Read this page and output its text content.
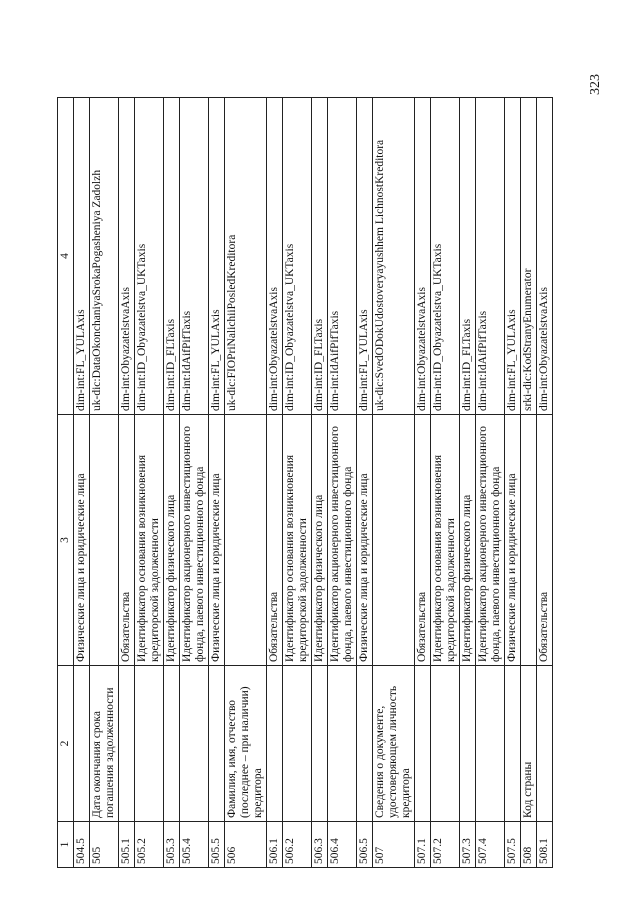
323
1	2	3	4
504.5		Физические лица и юридические лица	dim-int:FL_YULAxis
505	Дата окончания срока погашения задолженности		uk-dic:DataOkonchaniyaSrokaPogasheniya Zadolzh
505.1		Обязательства	dim-int:ObyazatelstvaAxis
505.2		Идентификатор основания возникновения кредиторской задолженности	dim-int:ID_Obyazatelstva_UKTaxis
505.3		Идентификатор физического лица	dim-int:ID_FLTaxis
505.4		Идентификатор акционерного инвестиционного фонда, паевого инвестиционного фонда	dim-int:IdAifPifTaxis
505.5		Физические лица и юридические лица	dim-int:FL_YULAxis
506	Фамилия, имя, отчество (последнее – при наличии) кредитора		uk-dic:FIOPriNalichiiPosledKreditora
506.1		Обязательства	dim-int:ObyazatelstvaAxis
506.2		Идентификатор основания возникновения кредиторской задолженности	dim-int:ID_Obyazatelstva_UKTaxis
506.3		Идентификатор физического лица	dim-int:ID_FLTaxis
506.4		Идентификатор акционерного инвестиционного фонда, паевого инвестиционного фонда	dim-int:IdAifPifTaxis
506.5		Физические лица и юридические лица	dim-int:FL_YULAxis
507	Сведения о документе, удостоверяющем личность кредитора		uk-dic:SvedODokUdostoveryayushhem LichnostKreditora
507.1		Обязательства	dim-int:ObyazatelstvaAxis
507.2		Идентификатор основания возникновения кредиторской задолженности	dim-int:ID_Obyazatelstva_UKTaxis
507.3		Идентификатор физического лица	dim-int:ID_FLTaxis
507.4		Идентификатор акционерного инвестиционного фонда, паевого инвестиционного фонда	dim-int:IdAifPifTaxis
507.5		Физические лица и юридические лица	dim-int:FL_YULAxis
508	Код страны		srki-dic:KodStranyEnumerator
508.1		Обязательства	dim-int:ObyazatelstvaAxis
